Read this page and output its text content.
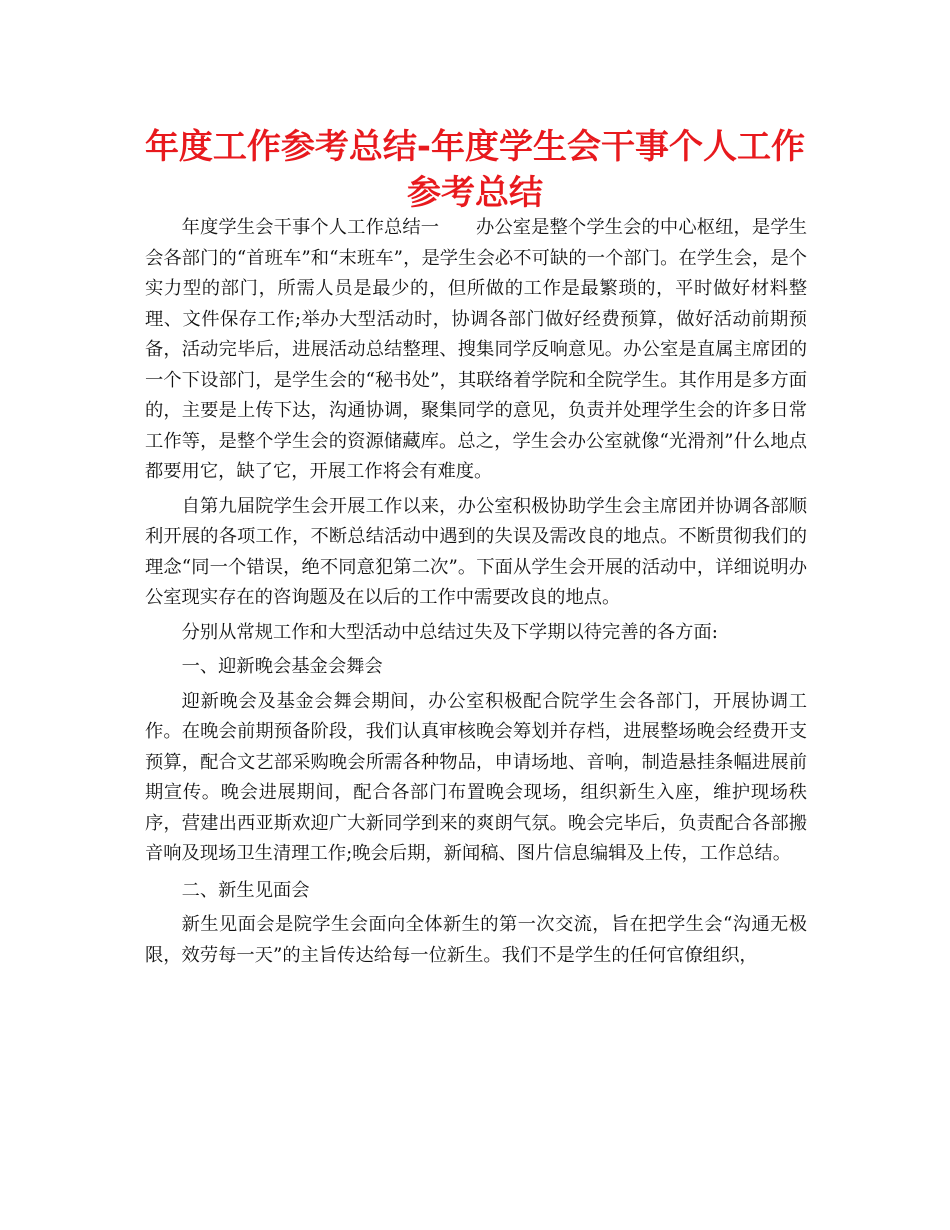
年度工作参考总结-年度学生会干事个人工作参考总结

年度学生会干事个人工作总结一　　办公室是整个学生会的中心枢纽，是学生会各部门的“首班车”和“末班车”，是学生会必不可缺的一个部门。在学生会，是个实力型的部门，所需人员是最少的，但所做的工作是最繁琐的，平时做好材料整理、文件保存工作;举办大型活动时，协调各部门做好经费预算，做好活动前期预备，活动完毕后，进展活动总结整理、搜集同学反响意见。办公室是直属主席团的一个下设部门，是学生会的“秘书处”，其联络着学院和全院学生。其作用是多方面的，主要是上传下达，沟通协调，聚集同学的意见，负责并处理学生会的许多日常工作等，是整个学生会的资源储藏库。总之，学生会办公室就像“光滑剂”什么地点都要用它，缺了它，开展工作将会有难度。

自第九届院学生会开展工作以来，办公室积极协助学生会主席团并协调各部顺利开展的各项工作，不断总结活动中遇到的失误及需改良的地点。不断贯彻我们的理念“同一个错误，绝不同意犯第二次”。下面从学生会开展的活动中，详细说明办公室现实存在的咨询题及在以后的工作中需要改良的地点。

分别从常规工作和大型活动中总结过失及下学期以待完善的各方面:

一、迎新晚会基金会舞会

迎新晚会及基金会舞会期间，办公室积极配合院学生会各部门，开展协调工作。在晚会前期预备阶段，我们认真审核晚会筹划并存档，进展整场晚会经费开支预算，配合文艺部采购晚会所需各种物品，申请场地、音响，制造悬挂条幅进展前期宣传。晚会进展期间，配合各部门布置晚会现场，组织新生入座，维护现场秩序，营建出西亚斯欢迎广大新同学到来的爽朗气氛。晚会完毕后，负责配合各部搬音响及现场卫生清理工作;晚会后期，新闻稿、图片信息编辑及上传，工作总结。

二、新生见面会

新生见面会是院学生会面向全体新生的第一次交流，旨在把学生会“沟通无极限，效劳每一天”的主旨传达给每一位新生。我们不是学生的任何官僚组织，
